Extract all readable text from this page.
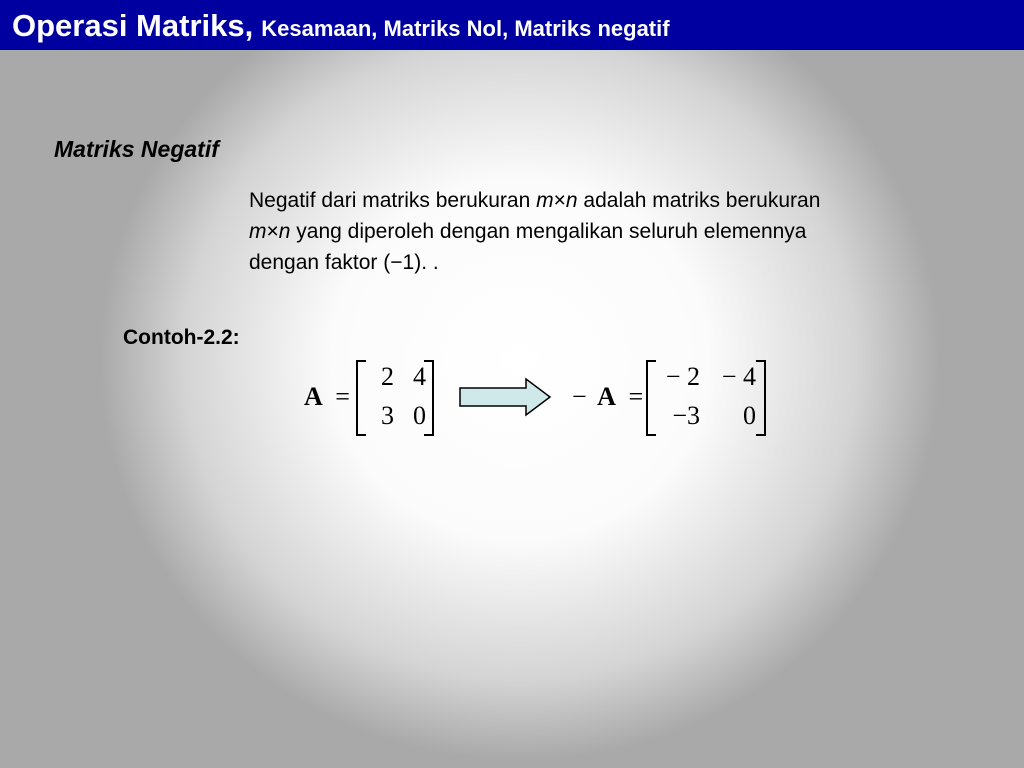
Operasi Matriks, Kesamaan, Matriks Nol, Matriks negatif
Matriks Negatif
Negatif dari matriks berukuran m×n adalah matriks berukuran
m×n yang diperoleh dengan mengalikan seluruh elemennya
dengan faktor (−1). .
Contoh-2.2:
A =
2 4
3 0
− A =
− 2 − 4
−3	0
